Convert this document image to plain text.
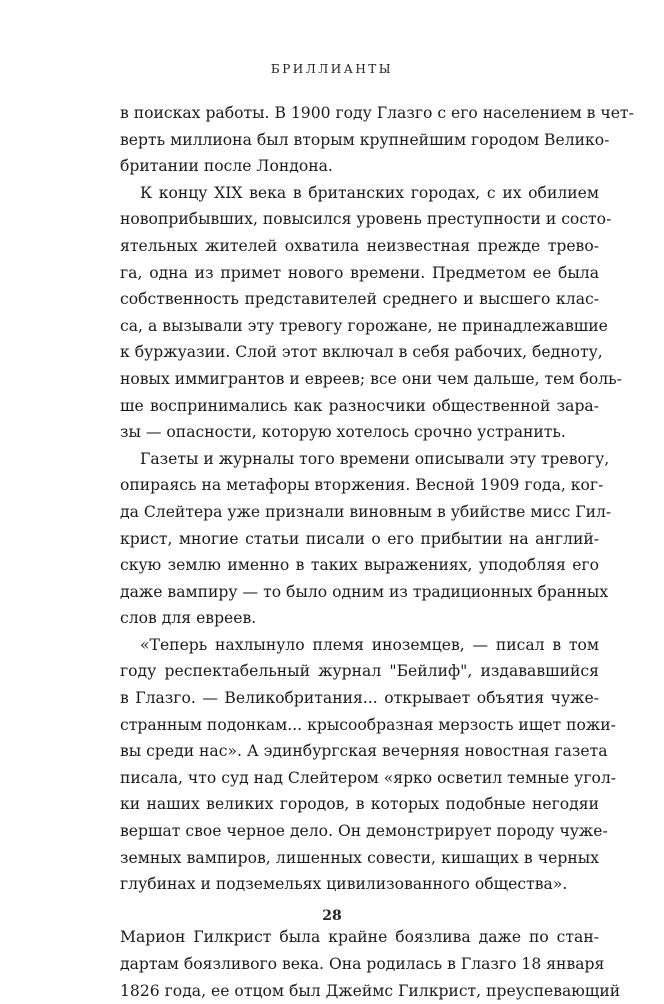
БРИЛЛИАНТЫ
в поисках работы. В 1900 году Глазго с его населением в чет-
верть миллиона был вторым крупнейшим городом Велико-
британии после Лондона.
К концу XIX века в британских городах, с их обилием
новоприбывших, повысился уровень преступности и состо-
ятельных жителей охватила неизвестная прежде трево-
га, одна из примет нового времени. Предметом ее была
собственность представителей среднего и высшего клас-
са, а вызывали эту тревогу горожане, не принадлежавшие
к буржуазии. Слой этот включал в себя рабочих, бедноту,
новых иммигрантов и евреев; все они чем дальше, тем боль-
ше воспринимались как разносчики общественной зара-
зы — опасности, которую хотелось срочно устранить.
Газеты и журналы того времени описывали эту тревогу,
опираясь на метафоры вторжения. Весной 1909 года, ког-
да Слейтера уже признали виновным в убийстве мисс Гил-
крист, многие статьи писали о его прибытии на англий-
скую землю именно в таких выражениях, уподобляя его
даже вампиру — то было одним из традиционных бранных
слов для евреев.
«Теперь нахлынуло племя иноземцев, — писал в том
году респектабельный журнал "Бейлиф", издававшийся
в Глазго. — Великобритания... открывает объятия чуже-
странным подонкам... крысообразная мерзость ищет пожи-
вы среди нас». А эдинбургская вечерняя новостная газета
писала, что суд над Слейтером «ярко осветил темные угол-
ки наших великих городов, в которых подобные негодяи
вершат свое черное дело. Он демонстрирует породу чуже-
земных вампиров, лишенных совести, кишащих в черных
глубинах и подземельях цивилизованного общества».
Марион Гилкрист была крайне боязлива даже по стан-
дартам боязливого века. Она родилась в Глазго 18 января
1826 года, ее отцом был Джеймс Гилкрист, преуспевающий
28
